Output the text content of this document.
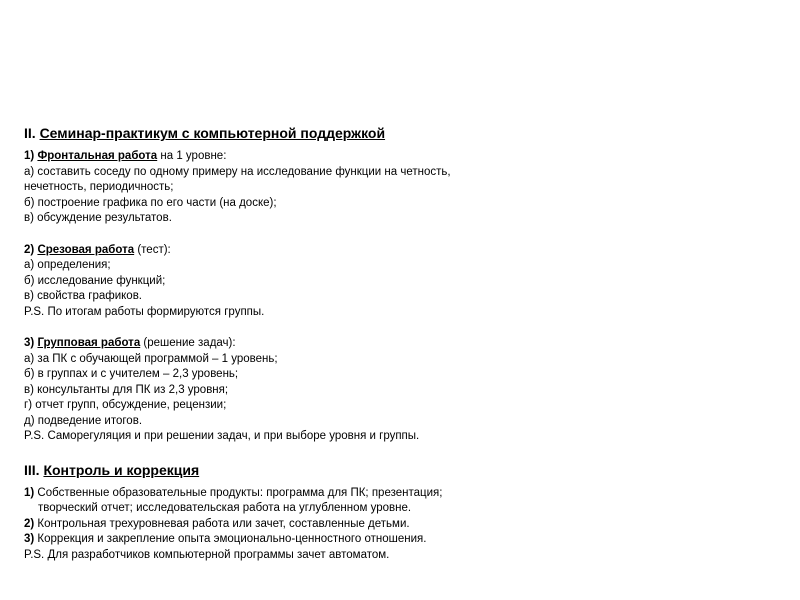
II. Семинар-практикум с компьютерной поддержкой
1) Фронтальная работа на 1 уровне:
а) составить соседу по одному примеру на исследование функции на четность,
нечетность, периодичность;
б) построение графика по его части (на доске);
в) обсуждение результатов.
2) Срезовая работа (тест):
а) определения;
б) исследование функций;
в) свойства графиков.
P.S. По итогам работы формируются группы.
3) Групповая работа (решение задач):
а) за ПК с обучающей программой – 1 уровень;
б) в группах и с учителем – 2,3 уровень;
в) консультанты для ПК из 2,3 уровня;
г) отчет групп, обсуждение, рецензии;
д) подведение итогов.
P.S. Саморегуляция и при решении задач, и при выборе уровня и группы.
III. Контроль и коррекция
1) Собственные образовательные продукты: программа для ПК; презентация;
творческий отчет; исследовательская работа на углубленном уровне.
2) Контрольная трехуровневая работа или зачет, составленные детьми.
3) Коррекция и закрепление опыта эмоционально-ценностного отношения.
P.S. Для разработчиков компьютерной программы зачет автоматом.
